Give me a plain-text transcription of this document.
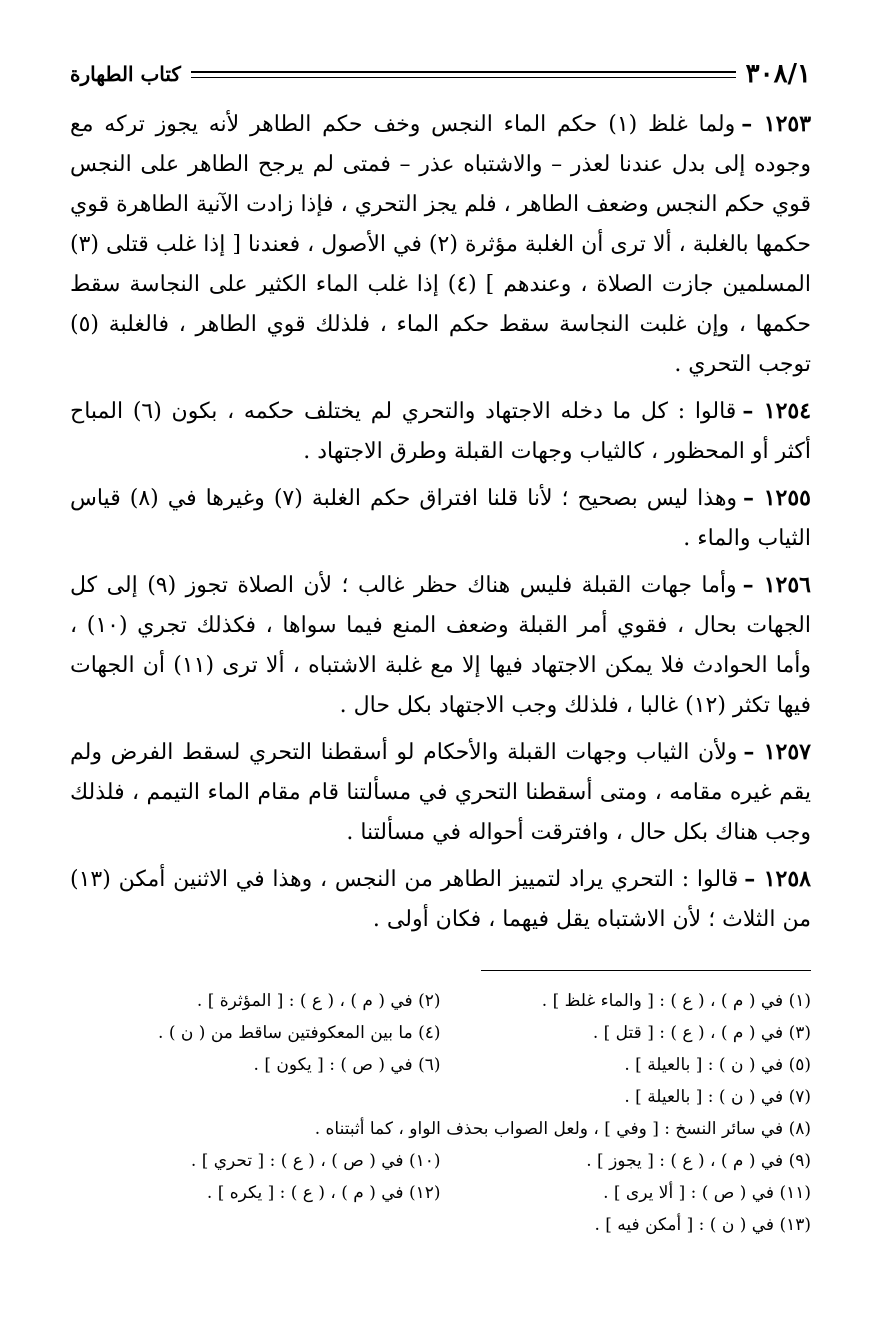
٣٠٨/١
كتاب الطهارة

١٢٥٣ –ولما غلظ (١) حكم الماء النجس وخف حكم الطاهر لأنه يجوز تركه مع وجوده إلى بدل عندنا لعذر – والاشتباه عذر – فمتى لم يرجح الطاهر على النجس قوي حكم النجس وضعف الطاهر ، فلم يجز التحري ، فإذا زادت الآنية الطاهرة قوي حكمها بالغلبة ، ألا ترى أن الغلبة مؤثرة (٢) في الأصول ، فعندنا [ إذا غلب قتلى (٣) المسلمين جازت الصلاة ، وعندهم ] (٤) إذا غلب الماء الكثير على النجاسة سقط حكمها ، وإن غلبت النجاسة سقط حكم الماء ، فلذلك قوي الطاهر ، فالغلبة (٥) توجب التحري .

١٢٥٤ –قالوا : كل ما دخله الاجتهاد والتحري لم يختلف حكمه ، بكون (٦) المباح أكثر أو المحظور ، كالثياب وجهات القبلة وطرق الاجتهاد .

١٢٥٥ –وهذا ليس بصحيح ؛ لأنا قلنا افتراق حكم الغلبة (٧) وغيرها في (٨) قياس الثياب والماء .

١٢٥٦ –وأما جهات القبلة فليس هناك حظر غالب ؛ لأن الصلاة تجوز (٩) إلى كل الجهات بحال ، فقوي أمر القبلة وضعف المنع فيما سواها ، فكذلك تجري (١٠) ، وأما الحوادث فلا يمكن الاجتهاد فيها إلا مع غلبة الاشتباه ، ألا ترى (١١) أن الجهات فيها تكثر (١٢) غالبا ، فلذلك وجب الاجتهاد بكل حال .

١٢٥٧ –ولأن الثياب وجهات القبلة والأحكام لو أسقطنا التحري لسقط الفرض ولم يقم غيره مقامه ، ومتى أسقطنا التحري في مسألتنا قام مقام الماء التيمم ، فلذلك وجب هناك بكل حال ، وافترقت أحواله في مسألتنا .

١٢٥٨ –قالوا : التحري يراد لتمييز الطاهر من النجس ، وهذا في الاثنين أمكن (١٣) من الثلاث ؛ لأن الاشتباه يقل فيهما ، فكان أولى .

(١) في ( م ) ، ( ع ) : [ والماء غلظ ] .
(٢) في ( م ) ، ( ع ) : [ المؤثرة ] .
(٣) في ( م ) ، ( ع ) : [ قتل ] .
(٤) ما بين المعكوفتين ساقط من ( ن ) .
(٥) في ( ن ) : [ بالعيلة ] .
(٦) في ( ص ) : [ يكون ] .
(٧) في ( ن ) : [ بالعيلة ] .
(٨) في سائر النسخ : [ وفي ] ، ولعل الصواب بحذف الواو ، كما أثبتناه .
(٩) في ( م ) ، ( ع ) : [ يجوز ] .
(١٠) في ( ص ) ، ( ع ) : [ تحري ] .
(١١) في ( ص ) : [ ألا يرى ] .
(١٢) في ( م ) ، ( ع ) : [ يكره ] .
(١٣) في ( ن ) : [ أمكن فيه ] .
